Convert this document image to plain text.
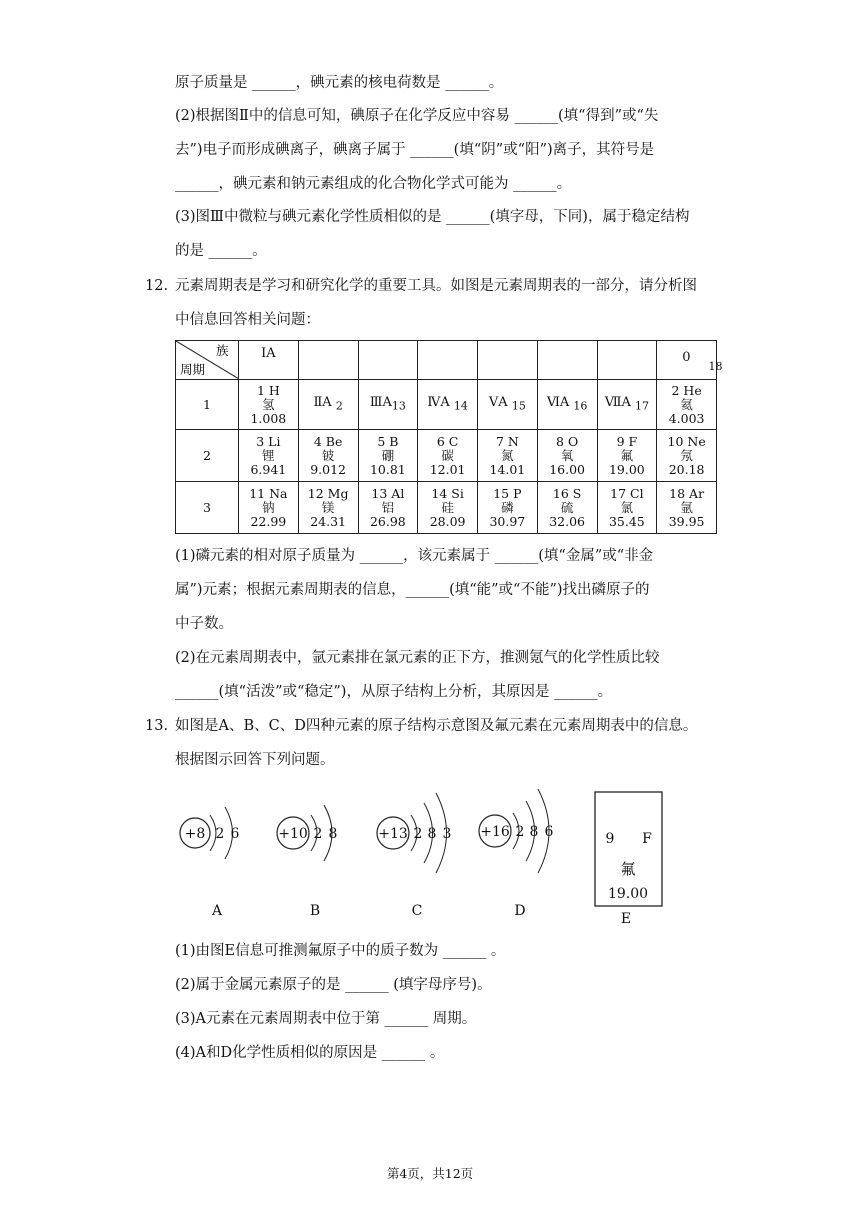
原子质量是 ______，碘元素的核电荷数是 ______。
(2)根据图Ⅱ中的信息可知，碘原子在化学反应中容易 ______(填“得到”或“失
去”)电子而形成碘离子，碘离子属于 ______(填“阴”或“阳”)离子，其符号是
______，碘元素和钠元素组成的化合物化学式可能为 ______。
(3)图Ⅲ中微粒与碘元素化学性质相似的是 ______(填字母，下同)，属于稳定结构
的是 ______。
12. 元素周期表是学习和研究化学的重要工具。如图是元素周期表的一部分，请分析图
中信息回答相关问题：
族
周期	ⅠA							$0_{18}$
1	1 H
氢
1.008	ⅡA $_2$	$ⅢA_{13}$	ⅣA $_{14}$	ⅤA $_{15}$	ⅥA $_{16}$	ⅦA $_{17}$	2 He
氦
4.003

2	3 Li
锂
6.941	4 Be
铍
9.012	5 B
硼
10.81	6 C
碳
12.01	7 N
氮
14.01	8 O
氧
16.00	9 F
氟
19.00	10 Ne
氖
20.18

3	11 Na
钠
22.99	12 Mg
镁
24.31	13 Al
铝
26.98	14 Si
硅
28.09	15 P
磷
30.97	16 S
硫
32.06	17 Cl
氯
35.45	18 Ar
氩
39.95
(1)磷元素的相对原子质量为 ______，该元素属于 ______(填“金属”或“非金
属”)元素；根据元素周期表的信息，______(填“能”或“不能”)找出磷原子的
中子数。
(2)在元素周期表中，氩元素排在氯元素的正下方，推测氪气的化学性质比较
______(填“活泼”或“稳定”)，从原子结构上分析，其原因是 ______。
13. 如图是A、B、C、D四种元素的原子结构示意图及氟元素在元素周期表中的信息。
根据图示回答下列问题。
+8 2 6
A
+10 2 8
B
+13 2 8 3
C
+16 2 8 6
D
9 F
氟
19.00
E
(1)由图E信息可推测氟原子中的质子数为 ______ 。
(2)属于金属元素原子的是 ______ (填字母序号)。
(3)A元素在元素周期表中位于第 ______ 周期。
(4)A和D化学性质相似的原因是 ______ 。
第4页，共12页
